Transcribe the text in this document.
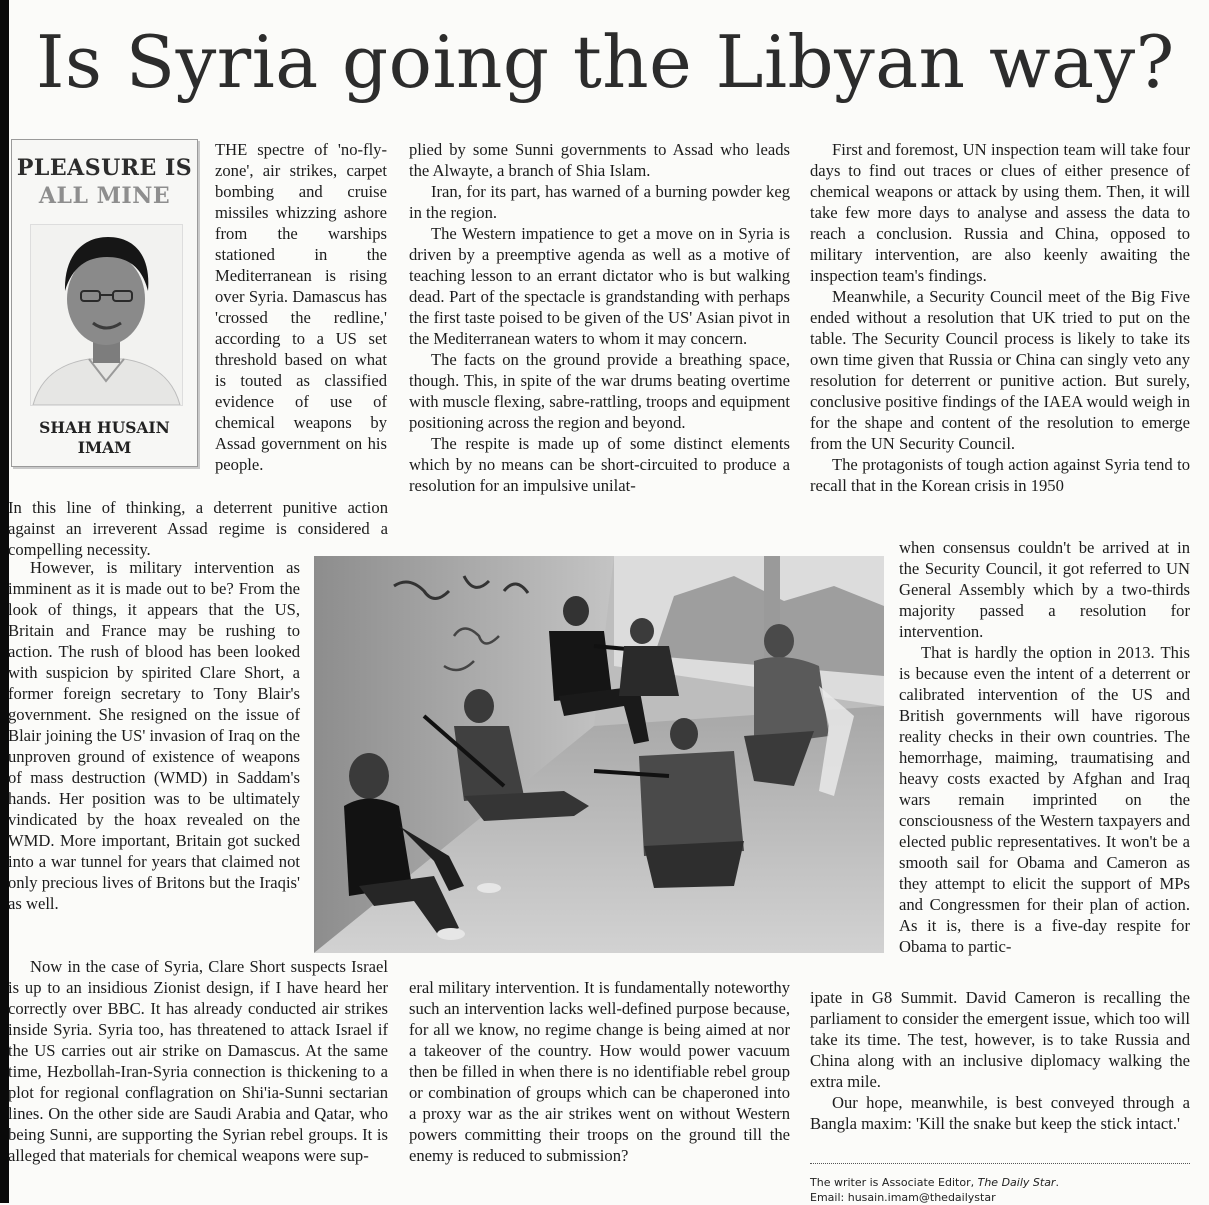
Is Syria going the Libyan way?
PLEASURE IS
ALL MINE
SHAH HUSAIN
IMAM

THE spectre of 'no-fly-zone', air strikes, carpet bombing and cruise missiles whizzing ashore from the warships stationed in the Mediterranean is rising over Syria. Damascus has 'crossed the redline,' according to a US set threshold based on what is touted as classified evidence of use of chemical weapons by Assad government on his people.

In this line of thinking, a deterrent punitive action against an irreverent Assad regime is considered a compelling necessity.

However, is military intervention as imminent as it is made out to be? From the look of things, it appears that the US, Britain and France may be rushing to action. The rush of blood has been looked with suspicion by spirited Clare Short, a former foreign secretary to Tony Blair's government. She resigned on the issue of Blair joining the US' invasion of Iraq on the unproven ground of existence of weapons of mass destruction (WMD) in Saddam's hands. Her position was to be ultimately vindicated by the hoax revealed on the WMD. More important, Britain got sucked into a war tunnel for years that claimed not only precious lives of Britons but the Iraqis' as well.

Now in the case of Syria, Clare Short suspects Israel is up to an insidious Zionist design, if I have heard her correctly over BBC. It has already conducted air strikes inside Syria. Syria too, has threatened to attack Israel if the US carries out air strike on Damascus. At the same time, Hezbollah-Iran-Syria connection is thickening to a plot for regional conflagration on Shi'ia-Sunni sectarian lines. On the other side are Saudi Arabia and Qatar, who being Sunni, are supporting the Syrian rebel groups. It is alleged that materials for chemical weapons were sup-

plied by some Sunni governments to Assad who leads the Alwayte, a branch of Shia Islam.

Iran, for its part, has warned of a burning powder keg in the region.

The Western impatience to get a move on in Syria is driven by a preemptive agenda as well as a motive of teaching lesson to an errant dictator who is but walking dead. Part of the spectacle is grandstanding with perhaps the first taste poised to be given of the US' Asian pivot in the Mediterranean waters to whom it may concern.

The facts on the ground provide a breathing space, though. This, in spite of the war drums beating overtime with muscle flexing, sabre-rattling, troops and equipment positioning across the region and beyond.

The respite is made up of some distinct elements which by no means can be short-circuited to produce a resolution for an impulsive unilat-

eral military intervention. It is fundamentally noteworthy such an intervention lacks well-defined purpose because, for all we know, no regime change is being aimed at nor a takeover of the country. How would power vacuum then be filled in when there is no identifiable rebel group or combination of groups which can be chaperoned into a proxy war as the air strikes went on without Western powers committing their troops on the ground till the enemy is reduced to submission?

First and foremost, UN inspection team will take four days to find out traces or clues of either presence of chemical weapons or attack by using them. Then, it will take few more days to analyse and assess the data to reach a conclusion. Russia and China, opposed to military intervention, are also keenly awaiting the inspection team's findings.

Meanwhile, a Security Council meet of the Big Five ended without a resolution that UK tried to put on the table. The Security Council process is likely to take its own time given that Russia or China can singly veto any resolution for deterrent or punitive action. But surely, conclusive positive findings of the IAEA would weigh in for the shape and content of the resolution to emerge from the UN Security Council.

The protagonists of tough action against Syria tend to recall that in the Korean crisis in 1950

when consensus couldn't be arrived at in the Security Council, it got referred to UN General Assembly which by a two-thirds majority passed a resolution for intervention.

That is hardly the option in 2013. This is because even the intent of a deterrent or calibrated intervention of the US and British governments will have rigorous reality checks in their own countries. The hemorrhage, maiming, traumatising and heavy costs exacted by Afghan and Iraq wars remain imprinted on the consciousness of the Western taxpayers and elected public representatives. It won't be a smooth sail for Obama and Cameron as they attempt to elicit the support of MPs and Congressmen for their plan of action. As it is, there is a five-day respite for Obama to partic-

ipate in G8 Summit. David Cameron is recalling the parliament to consider the emergent issue, which too will take its time. The test, however, is to take Russia and China along with an inclusive diplomacy walking the extra mile.

Our hope, meanwhile, is best conveyed through a Bangla maxim: 'Kill the snake but keep the stick intact.'

The writer is Associate Editor, The Daily Star.
Email: husain.imam@thedailystar
